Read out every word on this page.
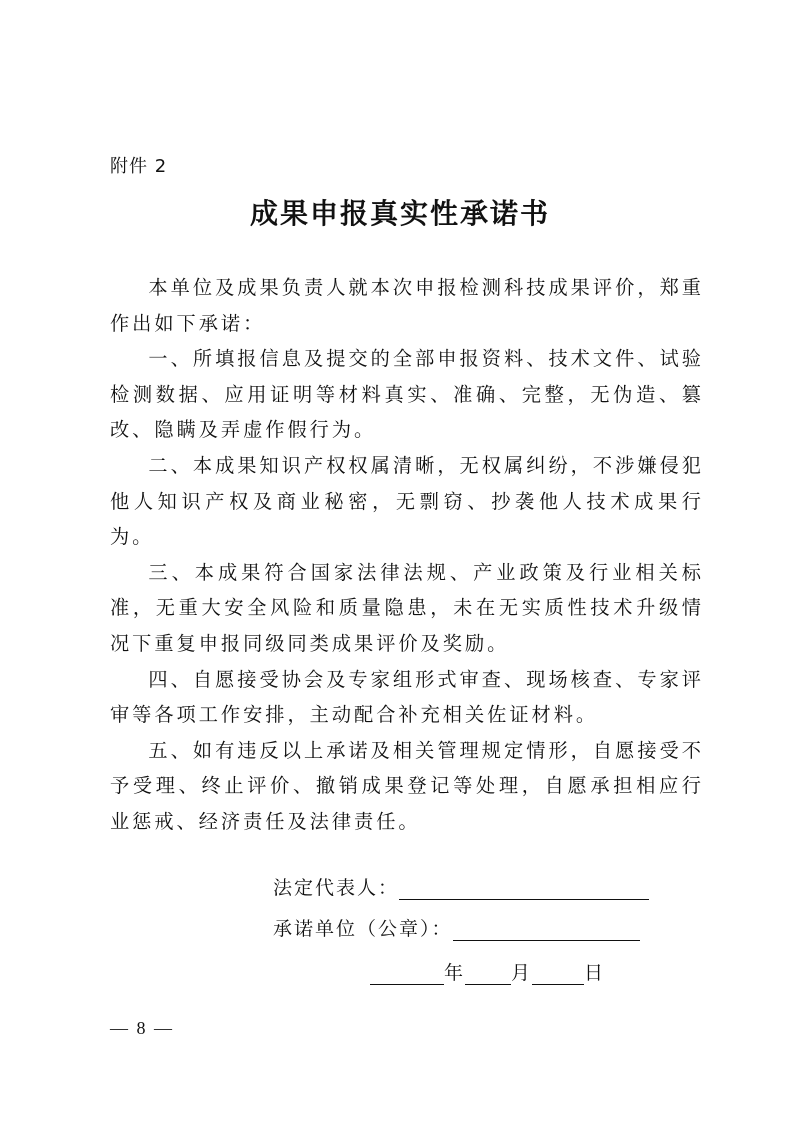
附件 2
成果申报真实性承诺书

本单位及成果负责人就本次申报检测科技成果评价，郑重作出如下承诺：

一、所填报信息及提交的全部申报资料、技术文件、试验检测数据、应用证明等材料真实、准确、完整，无伪造、篡改、隐瞒及弄虚作假行为。

二、本成果知识产权权属清晰，无权属纠纷，不涉嫌侵犯他人知识产权及商业秘密，无剽窃、抄袭他人技术成果行为。

三、本成果符合国家法律法规、产业政策及行业相关标准，无重大安全风险和质量隐患，未在无实质性技术升级情况下重复申报同级同类成果评价及奖励。

四、自愿接受协会及专家组形式审查、现场核查、专家评审等各项工作安排，主动配合补充相关佐证材料。

五、如有违反以上承诺及相关管理规定情形，自愿接受不予受理、终止评价、撤销成果登记等处理，自愿承担相应行业惩戒、经济责任及法律责任。

法定代表人：
承诺单位（公章）：
年 月	日
— 8 —
